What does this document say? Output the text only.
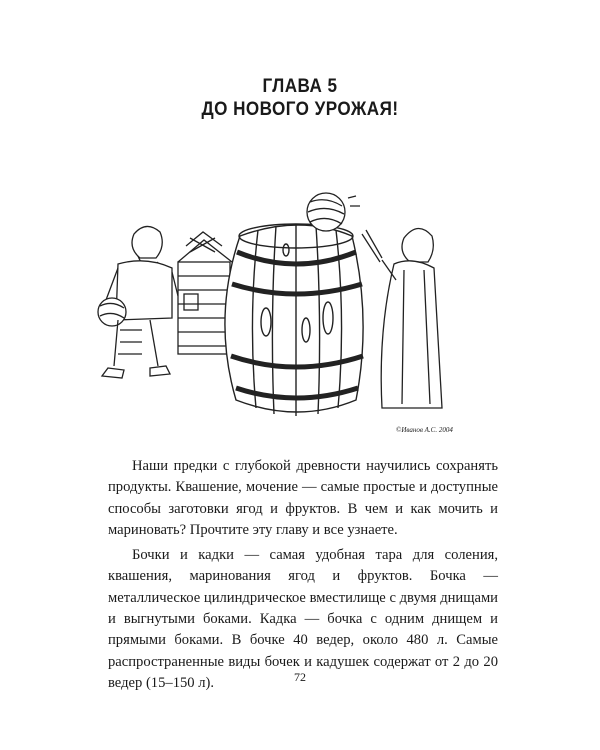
ГЛАВА 5
ДО НОВОГО УРОЖАЯ!
©Иванов А.С. 2004

Наши предки с глубокой древности научились сохранять продукты. Квашение, мочение — самые простые и доступные способы заготовки ягод и фруктов. В чем и как мочить и мариновать? Прочтите эту главу и все узнаете.

Бочки и кадки — самая удобная тара для соления, квашения, маринования ягод и фруктов. Бочка — металлическое цилиндрическое вместилище с двумя днищами и выгнутыми боками. Кадка — бочка с одним днищем и прямыми боками. В бочке 40 ведер, около 480 л. Самые распространенные виды бочек и кадушек содержат от 2 до 20 ведер (15–150 л).	72
